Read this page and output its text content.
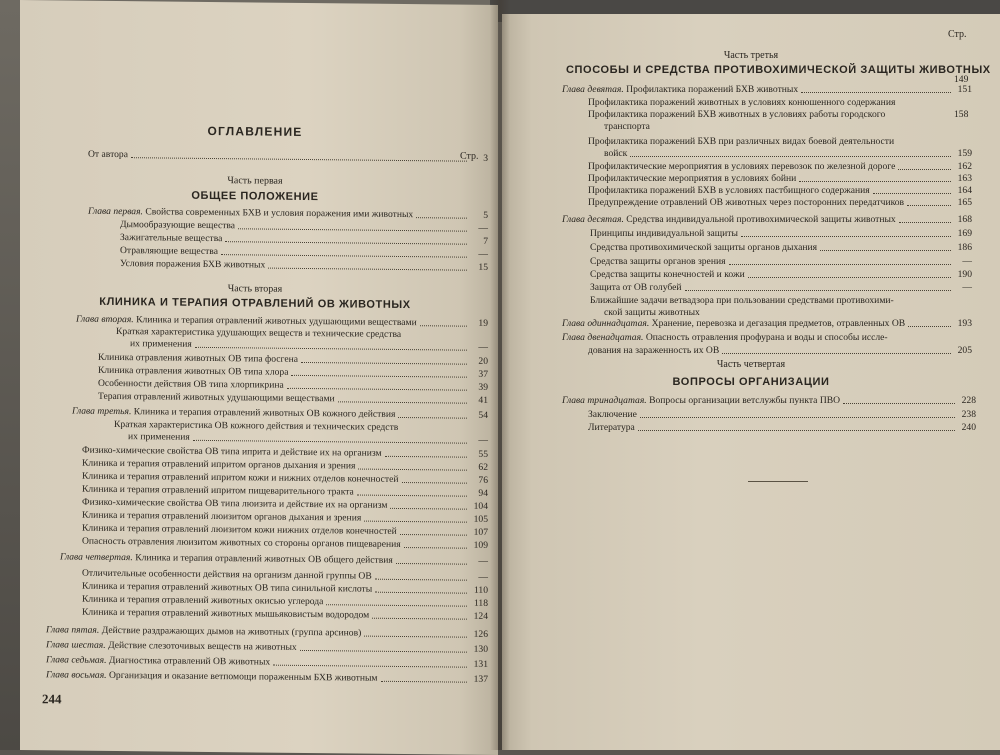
ОГЛАВЛЕНИЕ
Стр.
От автора	3
Часть первая
ОБЩЕЕ ПОЛОЖЕНИЕ
Глава первая. Свойства современных БХВ и условия поражения ими животных	5
Дымообразующие вещества	—
Зажигательные вещества	7
Отравляющие вещества	—
Условия поражения БХВ животных	15
Часть вторая
КЛИНИКА И ТЕРАПИЯ ОТРАВЛЕНИЙ ОВ ЖИВОТНЫХ
Глава вторая. Клиника и терапия отравлений животных удушающими веществами	19
Краткая характеристика удушающих веществ и технические средства
их применения	—
Клиника отравления животных ОВ типа фосгена	20
Клиника отравления животных ОВ типа хлора	37
Особенности действия ОВ типа хлорпикрина	39
Терапия отравлений животных удушающими веществами	41
Глава третья. Клиника и терапия отравлений животных ОВ кожного действия	54
Краткая характеристика ОВ кожного действия и технических средств
их применения	—
Физико-химические свойства ОВ типа иприта и действие их на организм	55
Клиника и терапия отравлений ипритом органов дыхания и зрения	62
Клиника и терапия отравлений ипритом кожи и нижних отделов конечностей	76
Клиника и терапия отравлений ипритом пищеварительного тракта	94
Физико-химические свойства ОВ типа люизита и действие их на организм	104
Клиника и терапия отравлений люизитом органов дыхания и зрения	105
Клиника и терапия отравлений люизитом кожи нижних отделов конечностей	107
Опасность отравления люизитом животных со стороны органов пищеварения	109
Глава четвертая. Клиника и терапия отравлений животных ОВ общего действия	—
Отличительные особенности действия на организм данной группы ОВ	—
Клиника и терапия отравлений животных ОВ типа синильной кислоты	110
Клиника и терапия отравлений животных окисью углерода	118
Клиника и терапия отравлений животных мышьяковистым водородом	124
Глава пятая. Действие раздражающих дымов на животных (группа арсинов)	126
Глава шестая. Действие слезоточивых веществ на животных	130
Глава седьмая. Диагностика отравлений ОВ животных	131
Глава восьмая. Организация и оказание ветпомощи пораженным БХВ животным	137
244
Стр.
Часть третья
СПОСОБЫ И СРЕДСТВА ПРОТИВОХИМИЧЕСКОЙ ЗАЩИТЫ ЖИВОТНЫХ
149
Глава девятая. Профилактика поражений БХВ животных	151
Профилактика поражений животных в условиях конюшенного содержания
Профилактика поражений БХВ животных в условиях работы городского	158
транспорта
Профилактика поражений БХВ при различных видах боевой деятельности
войск	159
Профилактические мероприятия в условиях перевозок по железной дороге	162
Профилактические мероприятия в условиях бойни	163
Профилактика поражений БХВ в условиях пастбищного содержания	164
Предупреждение отравлений ОВ животных через посторонних передатчиков	165
Глава десятая. Средства индивидуальной противохимической защиты животных	168
Принципы индивидуальной защиты	169
Средства противохимической защиты органов дыхания	186
Средства защиты органов зрения	—
Средства защиты конечностей и кожи	190
Защита от ОВ голубей	—
Ближайшие задачи ветвадзора при пользовании средствами противохими-
ской защиты животных
Глава одиннадцатая. Хранение, перевозка и дегазация предметов, отравленных ОВ	193
Глава двенадцатая. Опасность отравления профурана и воды и способы иссле-
дования на зараженность их ОВ	205
Часть четвертая
ВОПРОСЫ ОРГАНИЗАЦИИ
Глава тринадцатая. Вопросы организации ветслужбы пункта ПВО	228
Заключение	238
Литература	240
